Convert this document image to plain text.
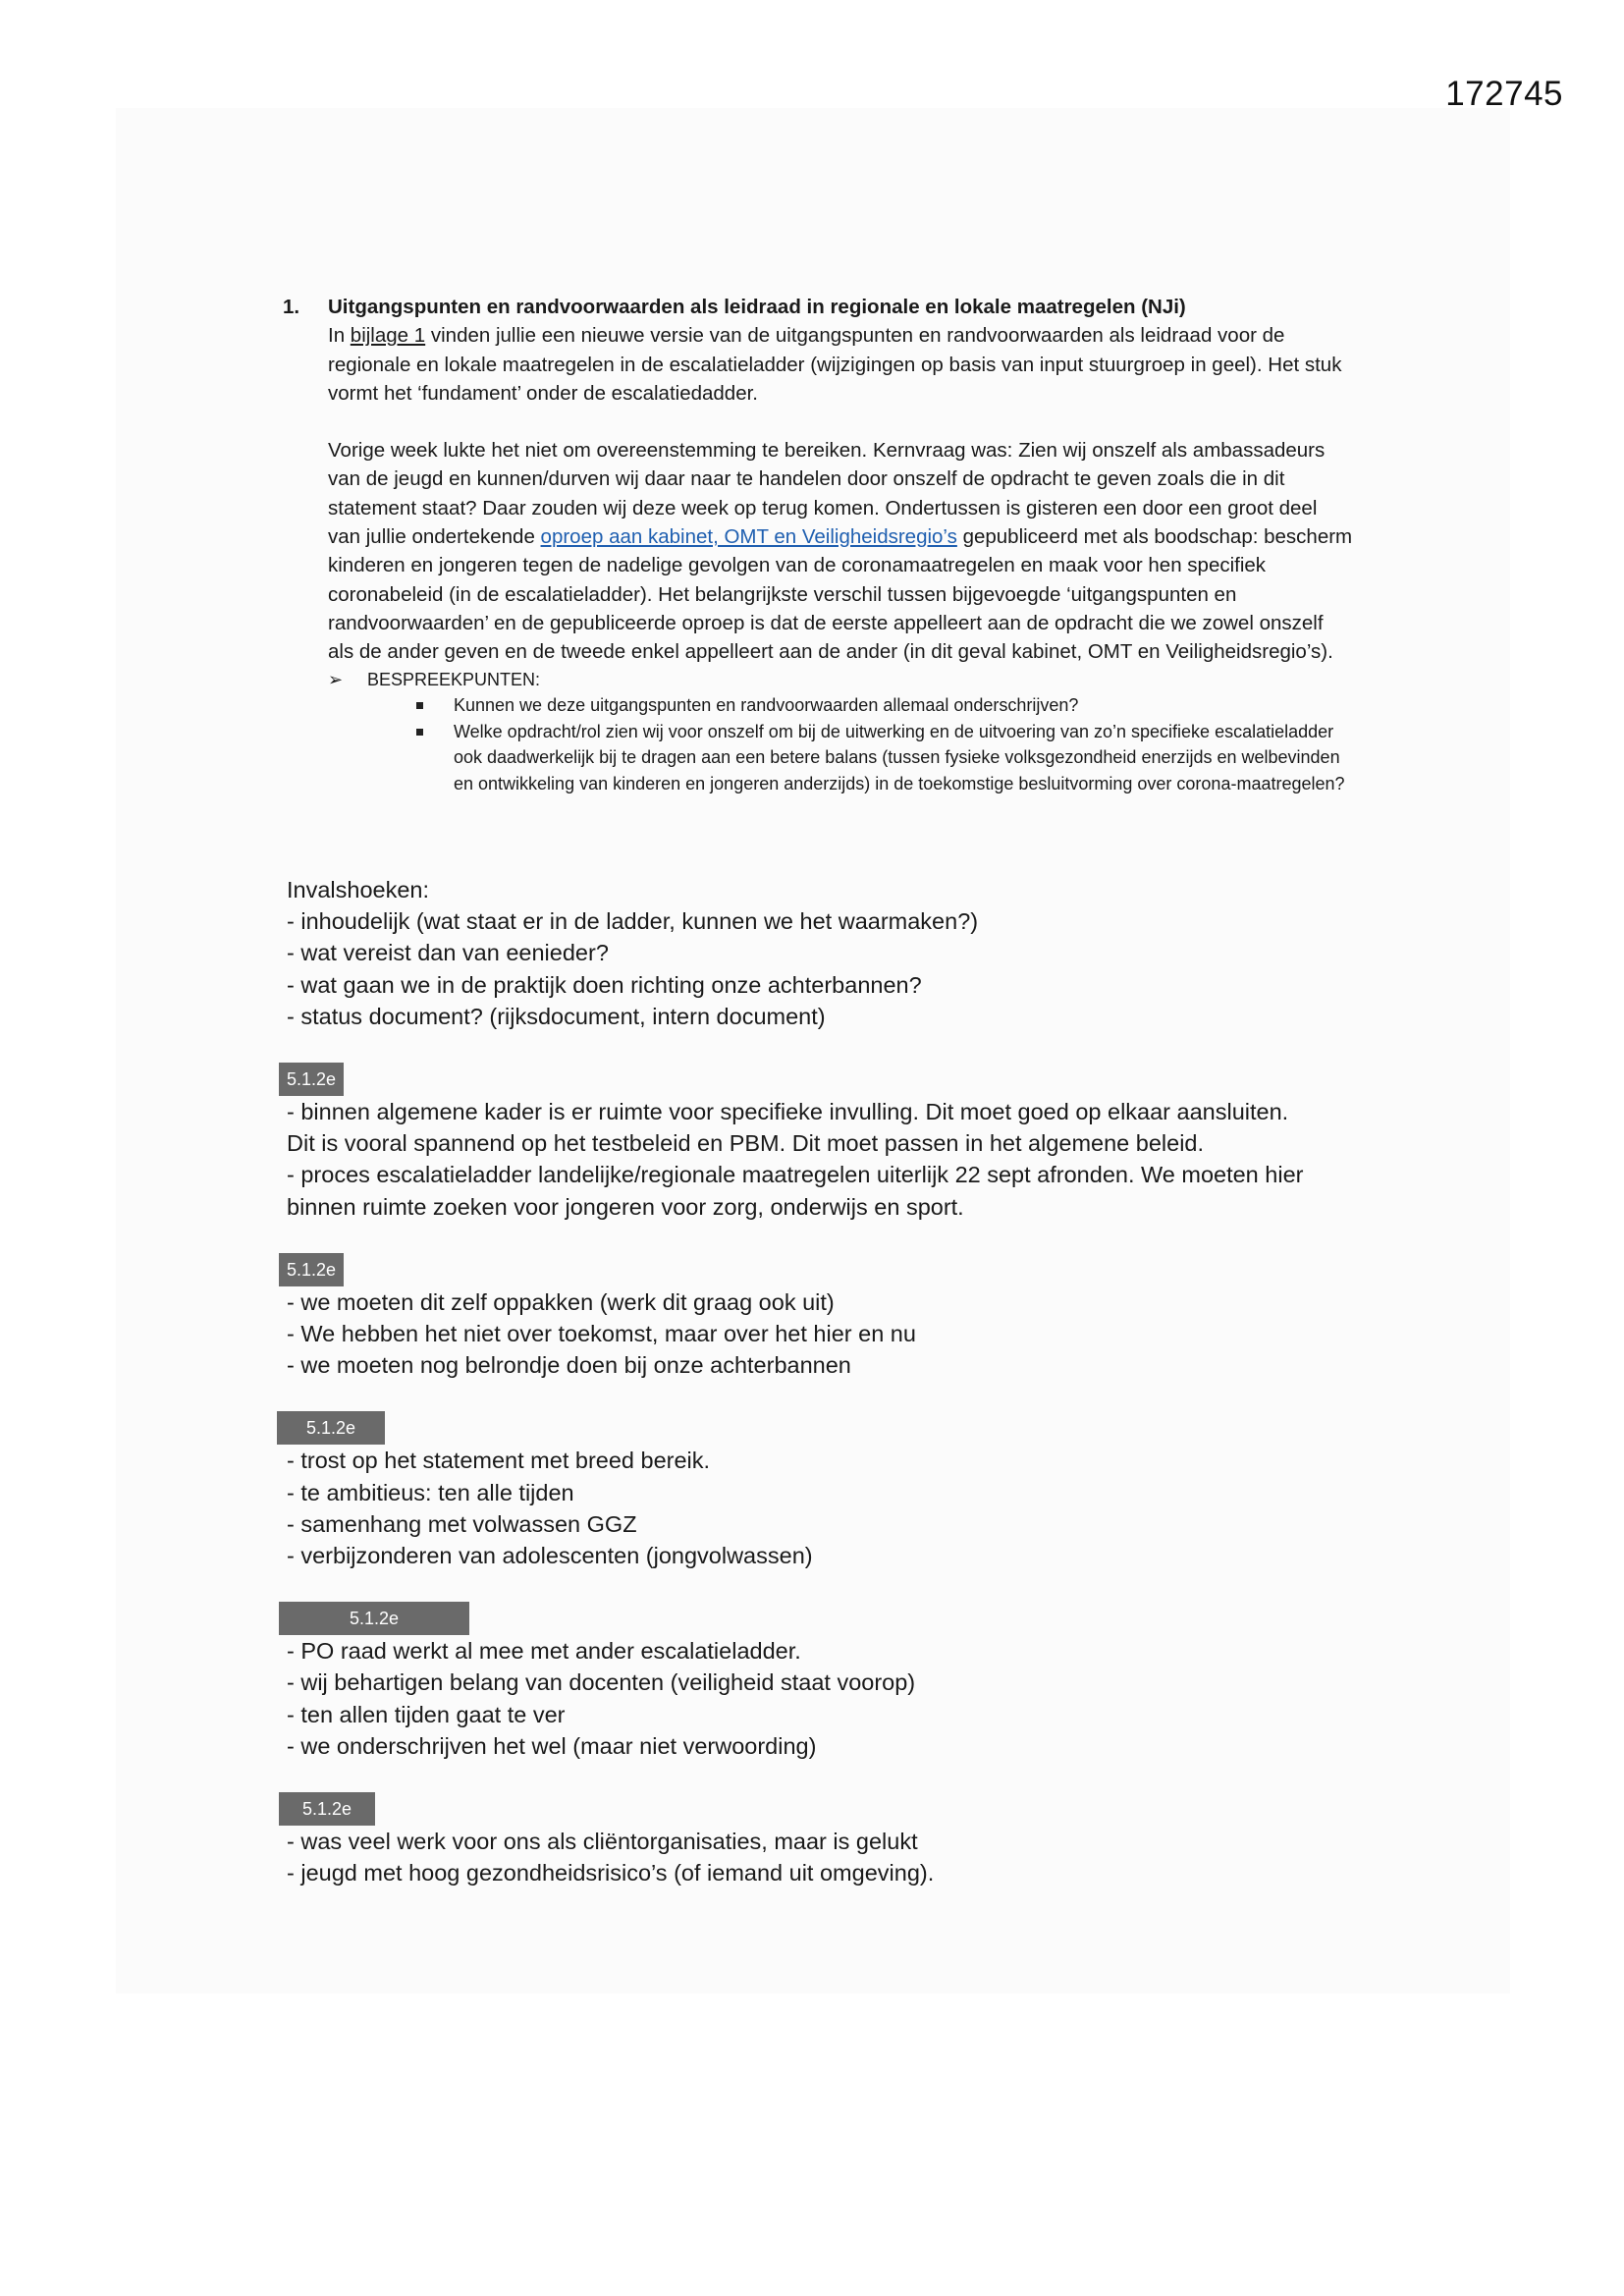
172745
1. Uitgangspunten en randvoorwaarden als leidraad in regionale en lokale maatregelen (NJi)

In bijlage 1 vinden jullie een nieuwe versie van de uitgangspunten en randvoorwaarden als leidraad voor de regionale en lokale maatregelen in de escalatieladder (wijzigingen op basis van input stuurgroep in geel). Het stuk vormt het ‘fundament’ onder de escalatiedadder.

Vorige week lukte het niet om overeenstemming te bereiken. Kernvraag was: Zien wij onszelf als ambassadeurs van de jeugd en kunnen/durven wij daar naar te handelen door onszelf de opdracht te geven zoals die in dit statement staat? Daar zouden wij deze week op terug komen. Ondertussen is gisteren een door een groot deel van jullie ondertekende oproep aan kabinet, OMT en Veiligheidsregio’s gepubliceerd met als boodschap: bescherm kinderen en jongeren tegen de nadelige gevolgen van de coronamaatregelen en maak voor hen specifiek coronabeleid (in de escalatieladder). Het belangrijkste verschil tussen bijgevoegde ‘uitgangspunten en randvoorwaarden’ en de gepubliceerde oproep is dat de eerste appelleert aan de opdracht die we zowel onszelf als de ander geven en de tweede enkel appelleert aan de ander (in dit geval kabinet, OMT en Veiligheidsregio’s).

➢ BESPREEKPUNTEN:
Kunnen we deze uitgangspunten en randvoorwaarden allemaal onderschrijven?
Welke opdracht/rol zien wij voor onszelf om bij de uitwerking en de uitvoering van zo’n specifieke escalatieladder ook daadwerkelijk bij te dragen aan een betere balans (tussen fysieke volksgezondheid enerzijds en welbevinden en ontwikkeling van kinderen en jongeren anderzijds) in de toekomstige besluitvorming over corona-maatregelen?
Invalshoeken:
- inhoudelijk (wat staat er in de ladder, kunnen we het waarmaken?)
- wat vereist dan van eenieder?
- wat gaan we in de praktijk doen richting onze achterbannen?
- status document? (rijksdocument, intern document)
5.1.2e
- binnen algemene kader is er ruimte voor specifieke invulling. Dit moet goed op elkaar aansluiten.
Dit is vooral spannend op het testbeleid en PBM. Dit moet passen in het algemene beleid.
- proces escalatieladder landelijke/regionale maatregelen uiterlijk 22 sept afronden. We moeten hier
binnen ruimte zoeken voor jongeren voor zorg, onderwijs en sport.
5.1.2e
- we moeten dit zelf oppakken (werk dit graag ook uit)
- We hebben het niet over toekomst, maar over het hier en nu
- we moeten nog belrondje doen bij onze achterbannen
5.1.2e
- trost op het statement met breed bereik.
- te ambitieus: ten alle tijden
- samenhang met volwassen GGZ
- verbijzonderen van adolescenten (jongvolwassen)
5.1.2e
- PO raad werkt al mee met ander escalatieladder.
- wij behartigen belang van docenten (veiligheid staat voorop)
- ten allen tijden gaat te ver
- we onderschrijven het wel (maar niet verwoording)
5.1.2e
- was veel werk voor ons als cliëntorganisaties, maar is gelukt
- jeugd met hoog gezondheidsrisico’s (of iemand uit omgeving).
